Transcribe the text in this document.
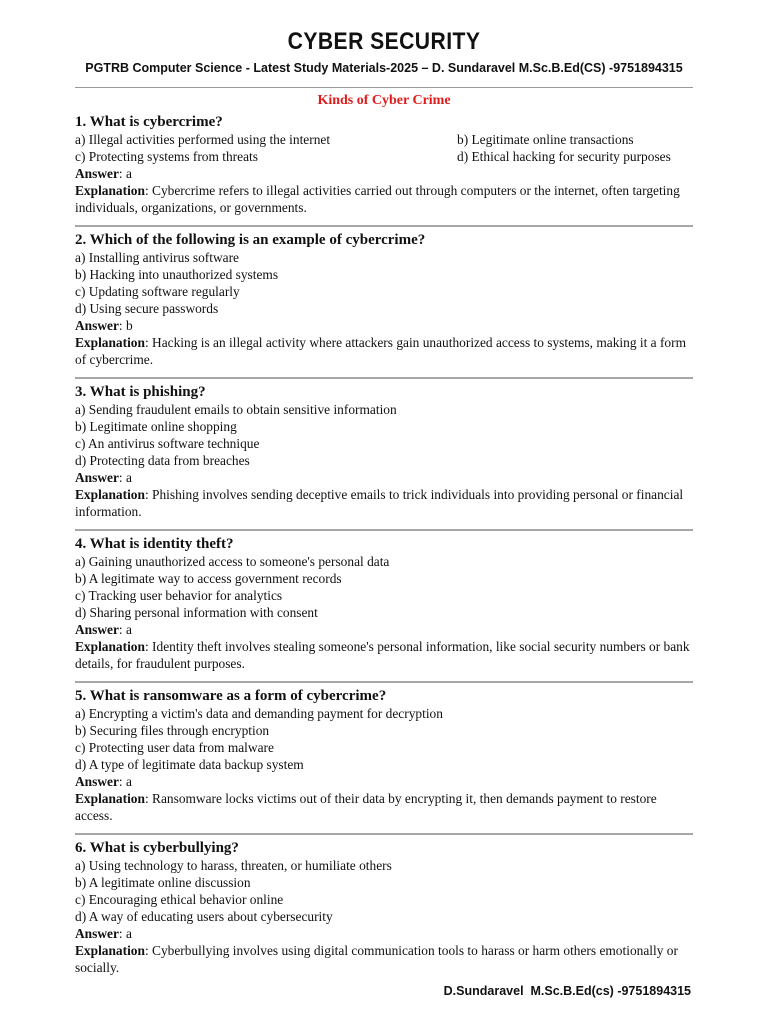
CYBER SECURITY
PGTRB Computer Science - Latest Study Materials-2025 – D. Sundaravel M.Sc.B.Ed(CS) -9751894315
Kinds of Cyber Crime
1. What is cybercrime?
a) Illegal activities performed using the internet	b) Legitimate online transactions
c) Protecting systems from threats	d) Ethical hacking for security purposes
Answer: a
Explanation: Cybercrime refers to illegal activities carried out through computers or the internet, often targeting individuals, organizations, or governments.
2. Which of the following is an example of cybercrime?
a) Installing antivirus software
b) Hacking into unauthorized systems
c) Updating software regularly
d) Using secure passwords
Answer: b
Explanation: Hacking is an illegal activity where attackers gain unauthorized access to systems, making it a form of cybercrime.
3. What is phishing?
a) Sending fraudulent emails to obtain sensitive information
b) Legitimate online shopping
c) An antivirus software technique
d) Protecting data from breaches
Answer: a
Explanation: Phishing involves sending deceptive emails to trick individuals into providing personal or financial information.
4. What is identity theft?
a) Gaining unauthorized access to someone's personal data
b) A legitimate way to access government records
c) Tracking user behavior for analytics
d) Sharing personal information with consent
Answer: a
Explanation: Identity theft involves stealing someone's personal information, like social security numbers or bank details, for fraudulent purposes.
5. What is ransomware as a form of cybercrime?
a) Encrypting a victim's data and demanding payment for decryption
b) Securing files through encryption
c) Protecting user data from malware
d) A type of legitimate data backup system
Answer: a
Explanation: Ransomware locks victims out of their data by encrypting it, then demands payment to restore access.
6. What is cyberbullying?
a) Using technology to harass, threaten, or humiliate others
b) A legitimate online discussion
c) Encouraging ethical behavior online
d) A way of educating users about cybersecurity
Answer: a
Explanation: Cyberbullying involves using digital communication tools to harass or harm others emotionally or socially.
D.Sundaravel  M.Sc.B.Ed(cs) -9751894315
